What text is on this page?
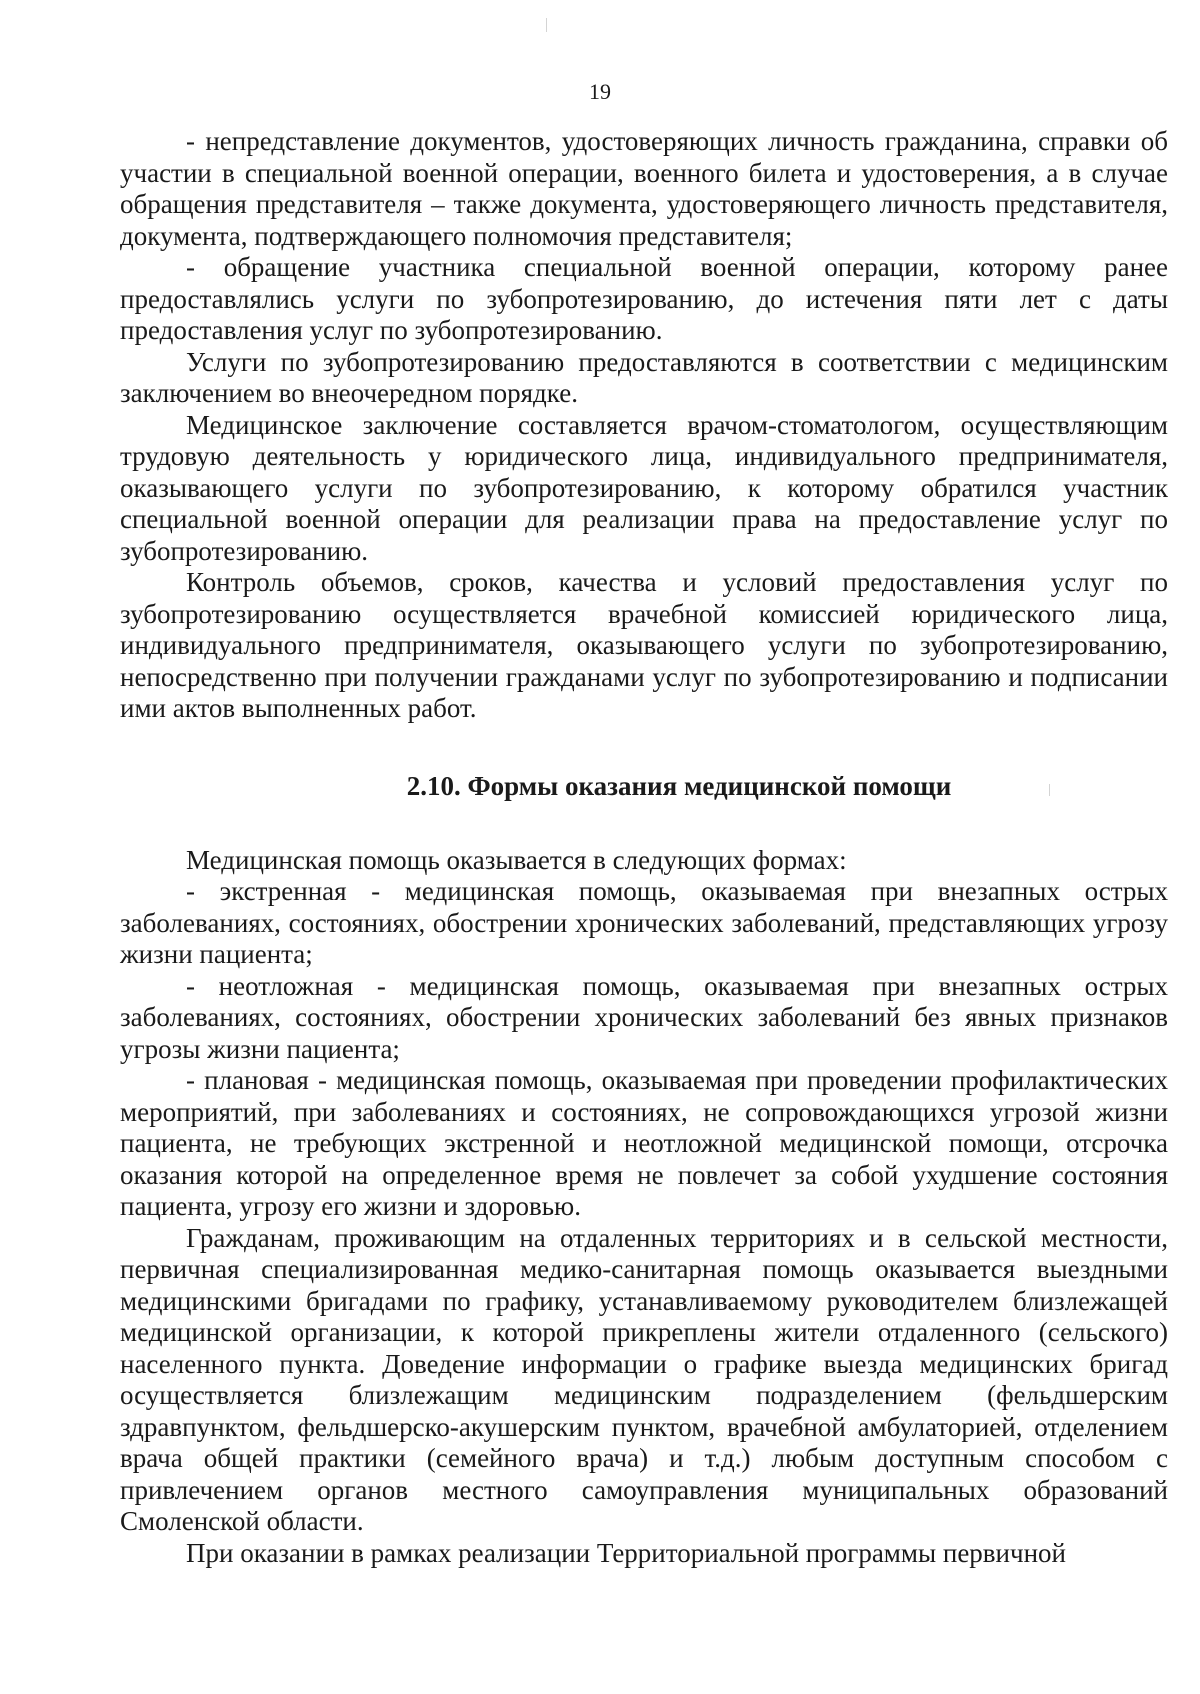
19

- непредставление документов, удостоверяющих личность гражданина, справки об участии в специальной военной операции, военного билета и удостоверения, а в случае обращения представителя – также документа, удостоверяющего личность представителя, документа, подтверждающего полномочия представителя;

- обращение участника специальной военной операции, которому ранее предоставлялись услуги по зубопротезированию, до истечения пяти лет с даты предоставления услуг по зубопротезированию.

Услуги по зубопротезированию предоставляются в соответствии с медицинским заключением во внеочередном порядке.

Медицинское заключение составляется врачом-стоматологом, осуществляющим трудовую деятельность у юридического лица, индивидуального предпринимателя, оказывающего услуги по зубопротезированию, к которому обратился участник специальной военной операции для реализации права на предоставление услуг по зубопротезированию.

Контроль объемов, сроков, качества и условий предоставления услуг по зубопротезированию осуществляется врачебной комиссией юридического лица, индивидуального предпринимателя, оказывающего услуги по зубопротезированию, непосредственно при получении гражданами услуг по зубопротезированию и подписании ими актов выполненных работ.

2.10. Формы оказания медицинской помощи

Медицинская помощь оказывается в следующих формах:

- экстренная - медицинская помощь, оказываемая при внезапных острых заболеваниях, состояниях, обострении хронических заболеваний, представляющих угрозу жизни пациента;

- неотложная - медицинская помощь, оказываемая при внезапных острых заболеваниях, состояниях, обострении хронических заболеваний без явных признаков угрозы жизни пациента;

- плановая - медицинская помощь, оказываемая при проведении профилактических мероприятий, при заболеваниях и состояниях, не сопровождающихся угрозой жизни пациента, не требующих экстренной и неотложной медицинской помощи, отсрочка оказания которой на определенное время не повлечет за собой ухудшение состояния пациента, угрозу его жизни и здоровью.

Гражданам, проживающим на отдаленных территориях и в сельской местности, первичная специализированная медико-санитарная помощь оказывается выездными медицинскими бригадами по графику, устанавливаемому руководителем близлежащей медицинской организации, к которой прикреплены жители отдаленного (сельского) населенного пункта. Доведение информации о графике выезда медицинских бригад осуществляется близлежащим медицинским подразделением (фельдшерским здравпунктом, фельдшерско-акушерским пунктом, врачебной амбулаторией, отделением врача общей практики (семейного врача) и т.д.) любым доступным способом с привлечением органов местного самоуправления муниципальных образований Смоленской области.

При оказании в рамках реализации Территориальной программы первичной
